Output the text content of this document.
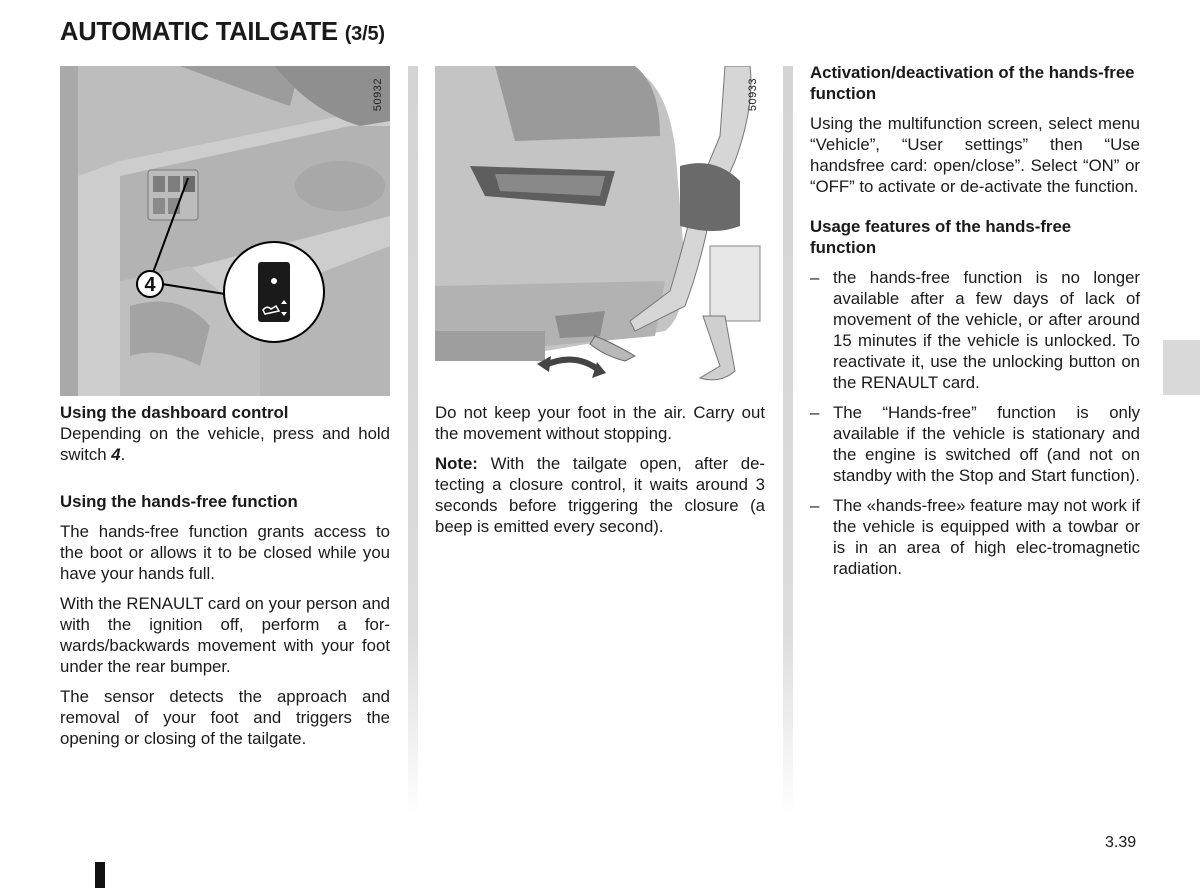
AUTOMATIC TAILGATE (3/5)
4
50932	50933
Using the dashboard control

Depending on the vehicle, press and hold switch 4.

Using the hands-free function

The hands-free function grants access to the boot or allows it to be closed while you have your hands full.

With the RENAULT card on your person and with the ignition off, perform a for-wards/backwards movement with your foot under the rear bumper.

The sensor detects the approach and removal of your foot and triggers the opening or closing of the tailgate.

Do not keep your foot in the air. Carry out the movement without stopping.

Note: With the tailgate open, after de-tecting a closure control, it waits around 3 seconds before triggering the closure (a beep is emitted every second).

Activation/deactivation of the hands-free function

Using the multifunction screen, select menu “Vehicle”, “User settings” then “Use handsfree card: open/close”. Select “ON” or “OFF” to activate or de-activate the function.

Usage features of the hands-free function
– the hands-free function is no longer available after a few days of lack of movement of the vehicle, or after around 15 minutes if the vehicle is unlocked. To reactivate it, use the unlocking button on the RENAULT card.
– The “Hands-free” function is only available if the vehicle is stationary and the engine is switched off (and not on standby with the Stop and Start function).
– The «hands-free» feature may not work if the vehicle is equipped with a towbar or is in an area of high elec-tromagnetic radiation.
3.39
